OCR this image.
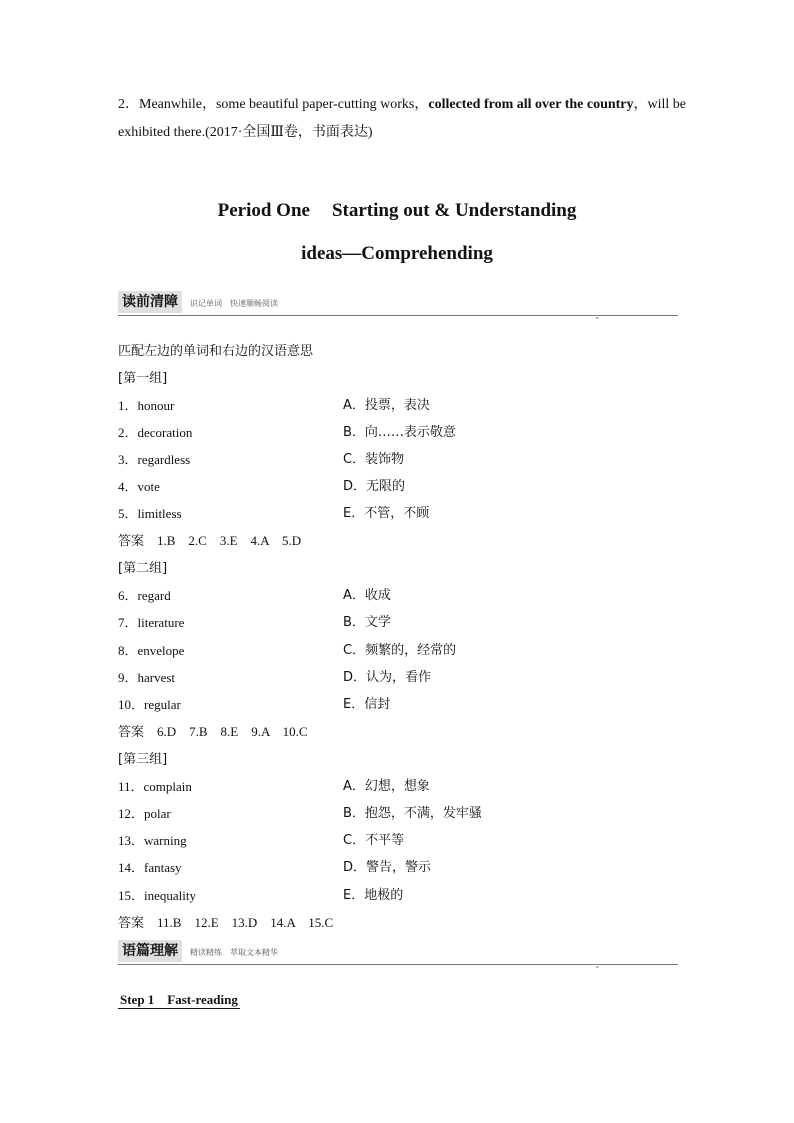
2．Meanwhile，some beautiful paper-cutting works，collected from all over the country，will be
exhibited there.(2017·全国Ⅲ卷，书面表达)
Period One Starting out & Understanding
ideas—Comprehending
读前清障	识记单词　快速顺畅阅读
⌄
匹配左边的单词和右边的汉语意思
[第一组]
1．honour	A．投票，表决
2．decoration	B．向……表示敬意
3．regardless	C．装饰物
4．vote	D．无限的
5．limitless	E．不管，不顾
答案　1.B　2.C　3.E　4.A　5.D
[第二组]
6．regard	A．收成
7．literature	B．文学
8．envelope	C．频繁的，经常的
9．harvest	D．认为，看作
10．regular	E．信封
答案　6.D　7.B　8.E　9.A　10.C
[第三组]
11．complain	A．幻想，想象
12．polar	B．抱怨，不满，发牢骚
13．warning	C．不平等
14．fantasy	D．警告，警示
15．inequality	E．地极的
答案　11.B　12.E　13.D　14.A　15.C
语篇理解	精读精练　萃取文本精华
⌄
Step 1　Fast-reading
